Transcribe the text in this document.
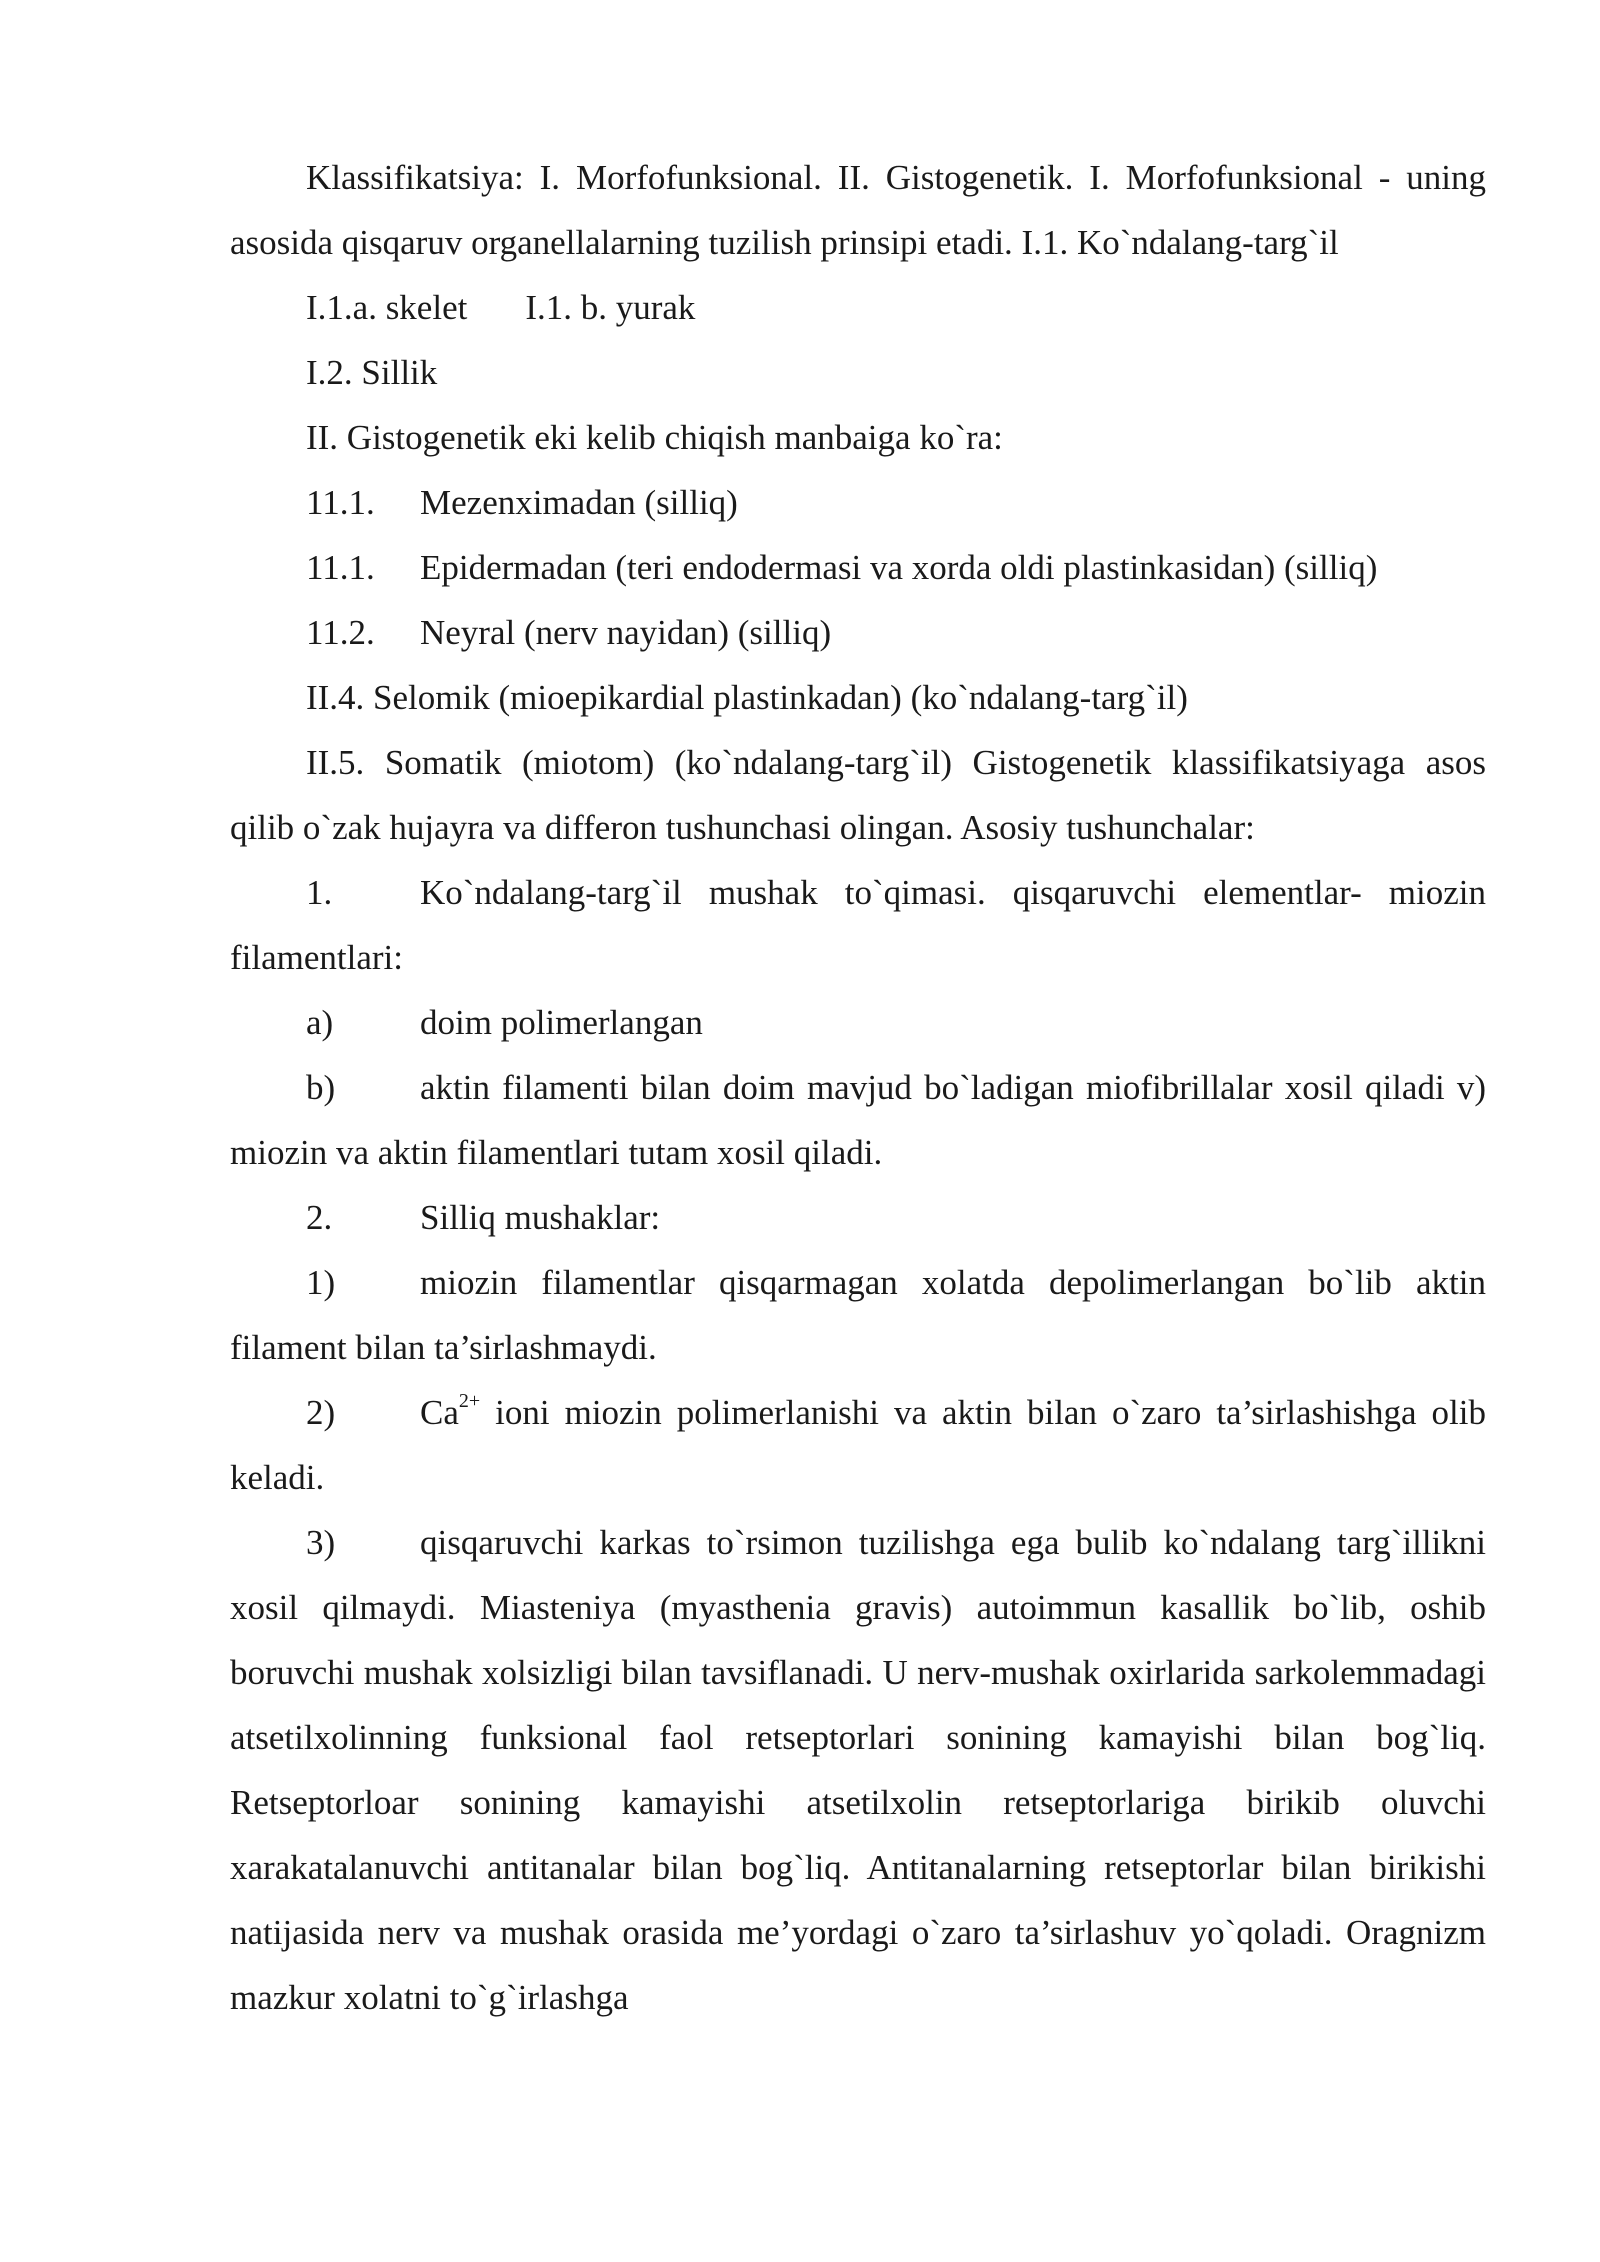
Klassifikatsiya: I. Morfofunksional. II. Gistogenetik. I. Morfofunksional - uning asosida qisqaruv organellalarning tuzilish prinsipi etadi. I.1. Ko`ndalang-targ`il

I.1.a. skelet I.1. b. yurak

I.2. Sillik

II. Gistogenetik eki kelib chiqish manbaiga ko`ra:

11.1. Mezenximadan (silliq)

11.1. Epidermadan (teri endodermasi va xorda oldi plastinkasidan) (silliq)

11.2. Neyral (nerv nayidan) (silliq)

II.4. Selomik (mioepikardial plastinkadan) (ko`ndalang-targ`il)

II.5. Somatik (miotom) (ko`ndalang-targ`il) Gistogenetik klassifikatsiyaga asos qilib o`zak hujayra va differon tushunchasi olingan. Asosiy tushunchalar:

1.	Ko`ndalang-targ`il mushak to`qimasi. qisqaruvchi elementlar- miozin filamentlari:

a) doim polimerlangan

b) aktin filamenti bilan doim mavjud bo`ladigan miofibrillalar xosil qiladi v) miozin va aktin filamentlari tutam xosil qiladi.

2.	Silliq mushaklar:

1) miozin filamentlar qisqarmagan xolatda depolimerlangan bo`lib aktin filament bilan ta’sirlashmaydi.

2) $Ca^{2+}$ ioni miozin polimerlanishi va aktin bilan o`zaro ta’sirlashishga olib keladi.

3) qisqaruvchi karkas to`rsimon tuzilishga ega bulib ko`ndalang targ`illikni xosil qilmaydi. Miasteniya (myasthenia gravis) autoimmun kasallik bo`lib, oshib boruvchi mushak xolsizligi bilan tavsiflanadi. U nerv-mushak oxirlarida sarkolemmadagi atsetilxolinning funksional faol retseptorlari sonining kamayishi bilan bog`liq. Retseptorloar sonining kamayishi atsetilxolin retseptorlariga birikib oluvchi xarakatalanuvchi antitanalar bilan bog`liq. Antitanalarning retseptorlar bilan birikishi natijasida nerv va mushak orasida me’yordagi o`zaro ta’sirlashuv yo`qoladi. Oragnizm mazkur xolatni to`g`irlashga
